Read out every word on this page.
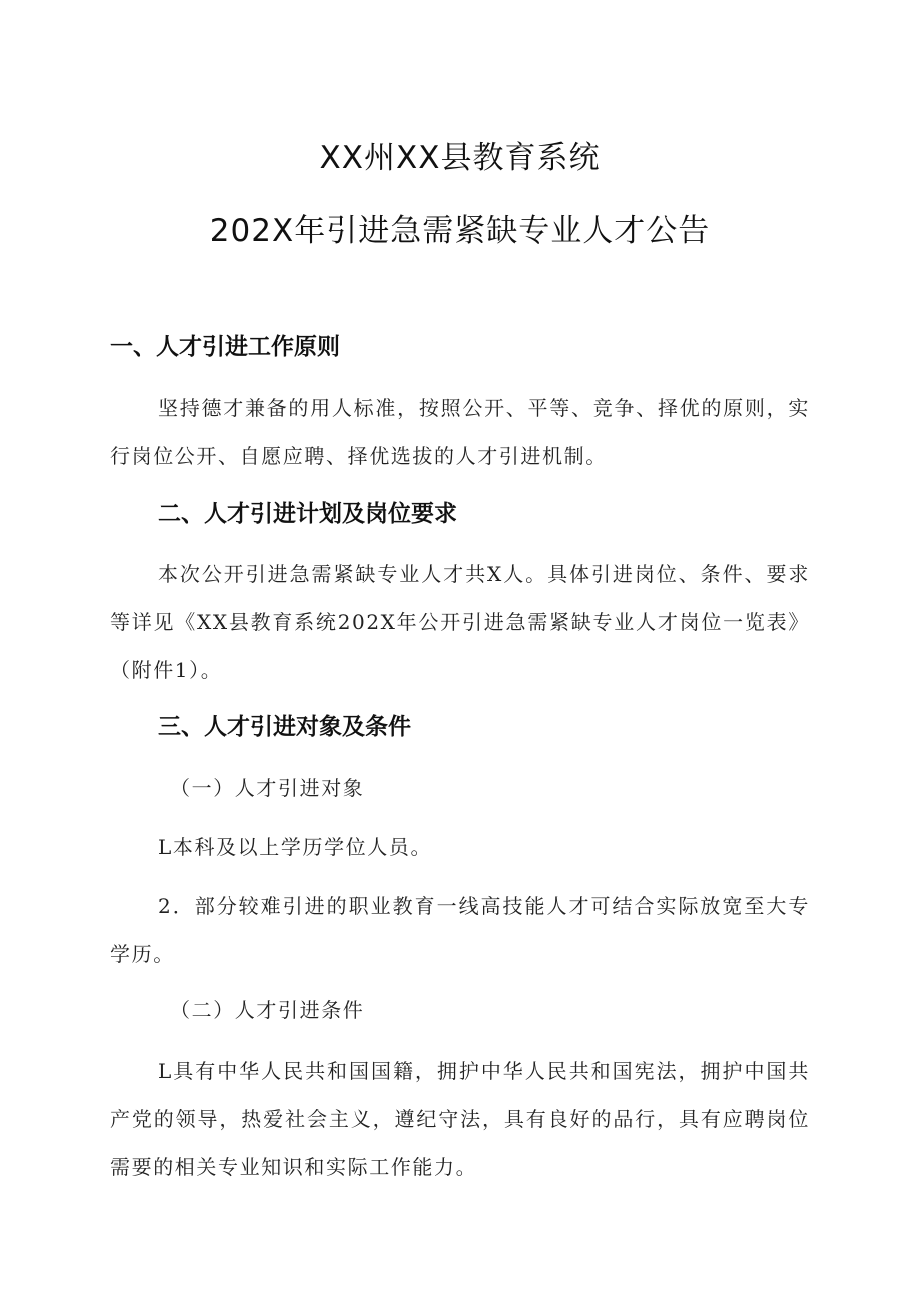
XX州XX县教育系统
202X年引进急需紧缺专业人才公告
一、人才引进工作原则

坚持德才兼备的用人标准，按照公开、平等、竞争、择优的原则，实行岗位公开、自愿应聘、择优选拔的人才引进机制。

二、人才引进计划及岗位要求

本次公开引进急需紧缺专业人才共X人。具体引进岗位、条件、要求等详见《XX县教育系统202X年公开引进急需紧缺专业人才岗位一览表》（附件1）。

三、人才引进对象及条件
（一）人才引进对象
L本科及以上学历学位人员。

2．部分较难引进的职业教育一线高技能人才可结合实际放宽至大专学历。

（二）人才引进条件

L具有中华人民共和国国籍，拥护中华人民共和国宪法，拥护中国共产党的领导，热爱社会主义，遵纪守法，具有良好的品行，具有应聘岗位需要的相关专业知识和实际工作能力。
